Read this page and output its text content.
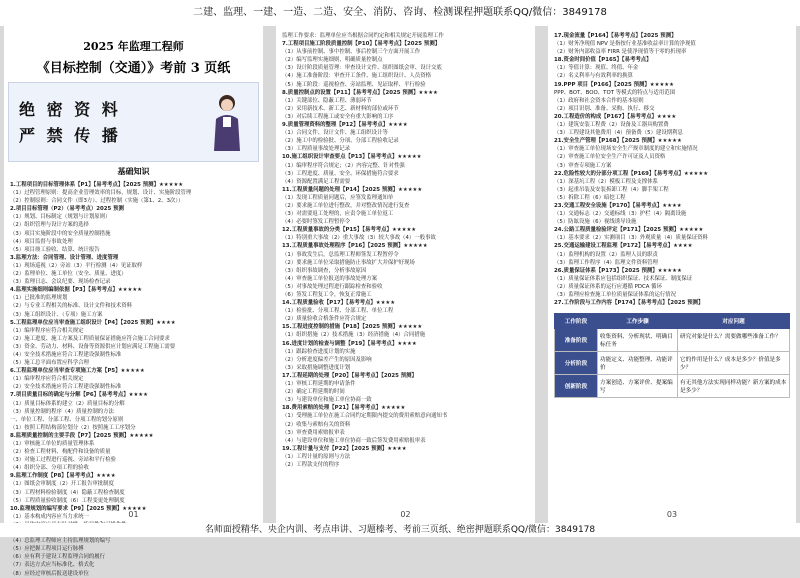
二建、监理、一建、一造、二造、安全、消防、咨询、检测课程押题联系QQ/微信：3849178
2025 年监理工程师
《目标控制（交通）》考前 3 页纸
绝 密 资 料
严 禁 传 播
基础知识
1.工程项目的目标管理体系【P1】【易考考点】【2025 预测】★★★★★
（1）过程管理原则：提高企业管理效率的目标，规划、设计、实施阶段管理
（2）控制原则：合同文件（即3方）、过程控制（实施（第1、2、3次））
2.项目目标管理（P2）（易考考点）2025 预测
（1）规划、目标制定（规划与计划原则）
（2）组织管理与设计方案的选择
（3）项目实施阶段中的安全质量控制措施
（4）项目监督与事故处理
（5）项目竣工验收、结算、统计报告
3.监理方法：合同管理、设计管理、进度管理
（1）现场巡视（2）旁站（3）平行检测（4）见证取样
（2）监理单位、施工单位（安全、质量、进度）
（3）监理日志、会议纪要、现场检查记录
4.监理实施细则编制依据【P3】【易考考点】★★★★★
（1）已批准的监理规划
（2）与专业工程相关的标准、设计文件和技术资料
（3）施工组织设计、（专项）施工方案
5.工程监理单位应当审查施工组织设计【P4】【2025 预测】★★★★
（1）编审程序应符合相关规定
（2）施工进度、施工方案及工程质量保证措施应符合施工合同要求
（3）资金、劳动力、材料、设备等资源供应计划应满足工程施工需要
（4）安全技术措施应符合工程建设强制性标准
（5）施工总平面布置应科学合理
6.工程监理单位应当审查专项施工方案【P5】★★★★★
（1）编审程序应符合相关规定
（2）安全技术措施应符合工程建设强制性标准
7.项目质量目标的确定与分解【P6】【易考考点】★★★★
（1）质量目标体系的建立（2）质量目标的分解
（3）质量控制的程序（4）质量控制的方法
一、单位工程、分部工程、分项工程的划分原则
（1）按照工程结构部位划分（2）按照施工工序划分
8.监理质量控制的主要手段【P7】【2025 预测】★★★★★
（1）审核施工单位的质量管理体系
（2）检查工程材料、构配件和设备的质量
（3）对施工过程进行巡视、旁站和平行检验
（4）组织分部、分项工程的验收
9.监理工作制度【P8】【易考考点】★★★★
（1）图纸会审制度（2）开工报告审批制度
（3）工程材料检验制度（4）隐蔽工程检查制度
（5）工程质量验收制度（6）工程变更处理制度
10.监理规划的编写要求【P9】【2025 预测】★★★★★
（1）基本构成内容应当力求统一
（4）总监理工程师应主持监理规划的编写
（5）应把握工程项目运行脉搏
（6）应有利于建设工程监理合同的履行
（7）表达方式应当标准化、格式化
（8）应经过审核后报送建设单位
01
监理工作要求：监理单位应当根据合同约定和相关规定开展监理工作
7.工程项目施工阶段质量控制【P10】【易考考点】【2025 预测】
（1）从事前控制、事中控制、事后控制三个方面开展工作
（2）编写监理实施细则，明确质量控制点
（3）设计阶段质量管理：审查设计文件、组织图纸会审、设计交底
（4）施工准备阶段：审查开工条件、施工组织设计、人员资格
（5）施工阶段：巡视检查、旁站监理、见证取样、平行检验
8.质量控制点的设置【P11】【易考考点】【2025 预测】★★★★
（1）关键部位、隐蔽工程、薄弱环节
（2）采用新技术、新工艺、新材料的部位或环节
（3）对后续工程施工或安全有重大影响的工序
9.质量管理资料的整理【P12】【易考考点】★★★★
（1）合同文件、设计文件、施工组织设计等
（2）施工中的检验批、分项、分部工程验收记录
（3）工程质量事故处理记录
10.施工组织设计审查要点【P13】【易考考点】★★★★★
（1）编审程序符合规定；（2）内容完整、针对性强
（3）工程进度、质量、安全、环保措施符合要求
（4）资源配置满足工程需要
11.工程质量问题的处理【P14】【2025 预测】★★★★★
（1）发现工程质量问题后，应签发监理通知单
（2）要求施工单位进行整改，并对整改情况进行复查
（3）对需要返工处理的，应责令施工单位返工
（4）必要时签发工程暂停令
12.工程质量事故的分类【P15】【易考考点】★★★★★
（1）特别重大事故（2）重大事故（3）较大事故（4）一般事故
13.工程质量事故处理程序【P16】【2025 预测】★★★★★
（1）事故发生后，总监理工程师签发工程暂停令
（2）要求施工单位采取措施防止事故扩大并保护好现场
（3）组织事故调查，分析事故原因
（4）审查施工单位报送的事故处理方案
（5）对事故处理过程进行跟踪检查和验收
（6）签发工程复工令，恢复正常施工
14.工程质量验收【P17】【易考考点】★★★★
（1）检验批、分项工程、分部工程、单位工程
（2）质量验收合格条件应符合规定
15.工程进度控制的措施【P18】【2025 预测】★★★★★
（1）组织措施（2）技术措施（3）经济措施（4）合同措施
16.进度计划的检查与调整【P19】【易考考点】★★★★
（1）跟踪检查进度计划的实施
（2）分析进度偏差产生的原因及影响
（3）采取措施调整进度计划
17.工程延期的处理【P20】【易考考点】【2025 预测】
（1）审核工程延期的申请条件
（2）确定工程延期的时间
（3）与建设单位和施工单位协商一致
18.费用索赔的处理【P21】【易考考点】★★★★★
（1）受理施工单位在施工合同约定期限内提交的费用索赔意向通知书
（2）收集与索赔有关的资料
（3）审查费用索赔报审表
（4）与建设单位和施工单位协商一致后签发费用索赔报审表
19.工程计量与支付【P22】【2025 预测】★★★★
（1）工程计量的原则与方法
（2）工程款支付的程序
02
17.现金流量【P164】【易考考点】【2025 预测】
（1）财务净现值 NPV 是指按行业基准收益率计算的净现值
（2）财务内部收益率 FIRR 是使净现值等于零的折现率
18.资金时间价值【P165】【易考考点】
（1）等值计算：现值、终值、年金
（2）名义利率与有效利率的换算
19.PPP 项目【P166】【2025 预测】★★★★★
PPP、BOT、BOO、TOT 等模式的特点与适用范围
（1）政府和社会资本合作的基本原则
（2）项目识别、准备、采购、执行、移交
20.工程造价的构成【P167】【易考考点】★★★★
（1）建筑安装工程费（2）设备及工器具购置费
（3）工程建设其他费用（4）预备费（5）建设期利息
21.安全生产管理【P168】【2025 预测】★★★★★
（1）审查施工单位现场安全生产规章制度的建立和实施情况
（2）审查施工单位安全生产许可证及人员资格
（3）审查专项施工方案
22.危险性较大的分部分项工程【P169】【易考考点】★★★★★
（1）深基坑工程（2）模板工程及支撑体系
（3）起重吊装及安装拆卸工程（4）脚手架工程
（5）拆除工程（6）暗挖工程
23.交通工程安全设施【P170】【易考考点】★★★★
（1）交通标志（2）交通标线（3）护栏（4）隔离设施
（5）防眩设施（6）视线诱导设施
24.公路工程质量检验评定【P171】【2025 预测】★★★★★
（1）基本要求（2）实测项目（3）外观质量（4）质量保证资料
25.交通运输建设工程监理【P172】【易考考点】★★★★
（1）监理机构的设置（2）监理人员的职责
（3）监理工作程序（4）监理文件资料管理
26.质量保证体系【P173】【2025 预测】★★★★★
（1）质量保证体系应包括组织保证、技术保证、制度保证
（2）质量保证体系的运行应遵循 PDCA 循环
（3）监理应检查施工单位质量保证体系的运行情况
27.工作阶段与工作内容【P174】【易考考点】【2025 预测】
工作阶段	工作步骤	对应问题
准备阶段	收集资料、分析现状、明确目标任务	研究对象是什么？需要做哪些准备工作？
分析阶段	功能定义、功能整理、功能评价	它的作用是什么？成本是多少？价值是多少？
创新阶段	方案创造、方案评价、提案编写	有无其他方法实现同样功能？新方案的成本是多少？
03
名师面授精华、央企内训、考点串讲、习题榛考、考前三页纸、绝密押题联系QQ/微信：3849178
